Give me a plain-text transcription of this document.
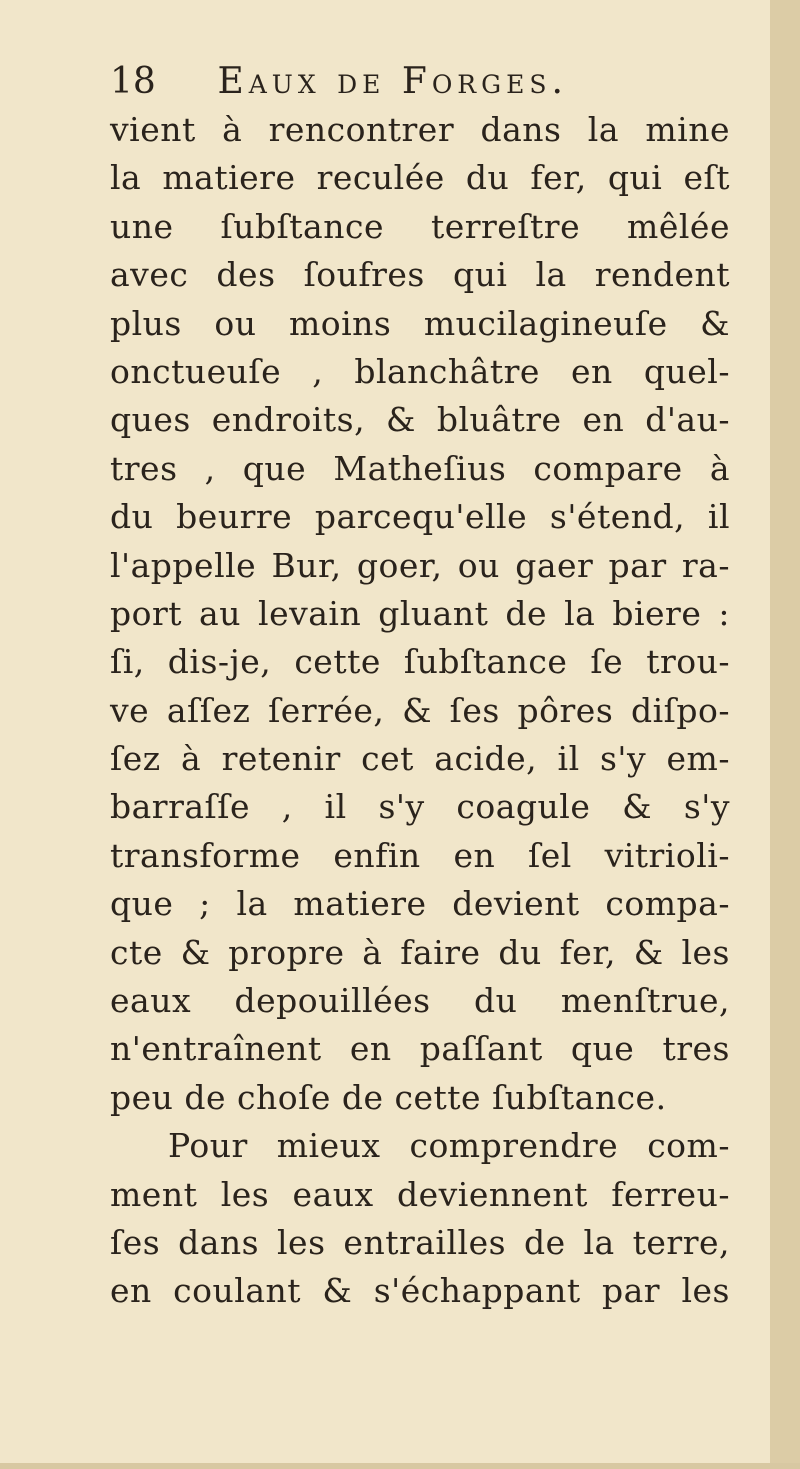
18 Eaux de Forges.
vient à rencontrer dans la mine
la matiere reculée du fer, qui eſt
une ſubſtance terreſtre mêlée
avec des ſoufres qui la rendent
plus ou moins mucilagineuſe &
onctueuſe , blanchâtre en quel-
ques endroits, & bluâtre en d'au-
tres , que Matheſius compare à
du beurre parcequ'elle s'étend, il
l'appelle Bur, goer, ou gaer par ra-
port au levain gluant de la biere :
ſi, dis-je, cette ſubſtance ſe trou-
ve aſſez ſerrée, & ſes pôres diſpo-
ſez à retenir cet acide, il s'y em-
barraſſe , il s'y coagule & s'y
transforme enfin en ſel vitrioli-
que ; la matiere devient compa-
cte & propre à faire du fer, & les
eaux depouillées du menſtrue,
n'entraînent en paſſant que tres
peu de choſe de cette ſubſtance.
Pour mieux comprendre com-
ment les eaux deviennent ferreu-
ſes dans les entrailles de la terre,
en coulant & s'échappant par les
